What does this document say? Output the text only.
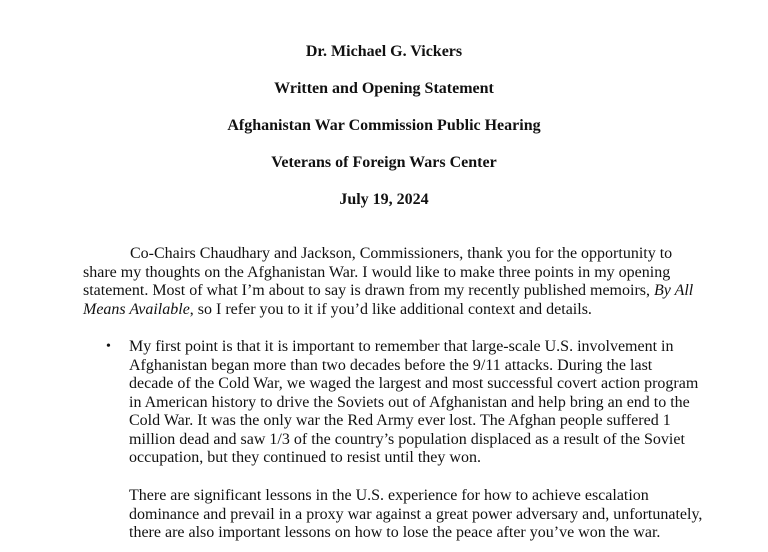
Dr. Michael G. Vickers

Written and Opening Statement

Afghanistan War Commission Public Hearing

Veterans of Foreign Wars Center

July 19, 2024

Co-Chairs Chaudhary and Jackson, Commissioners, thank you for the opportunity to
share my thoughts on the Afghanistan War. I would like to make three points in my opening
statement. Most of what I’m about to say is drawn from my recently published memoirs, By All
Means Available, so I refer you to it if you’d like additional context and details.
• My first point is that it is important to remember that large-scale U.S. involvement in
Afghanistan began more than two decades before the 9/11 attacks. During the last
decade of the Cold War, we waged the largest and most successful covert action program
in American history to drive the Soviets out of Afghanistan and help bring an end to the
Cold War. It was the only war the Red Army ever lost. The Afghan people suffered 1
million dead and saw 1/3 of the country’s population displaced as a result of the Soviet
occupation, but they continued to resist until they won.
There are significant lessons in the U.S. experience for how to achieve escalation
dominance and prevail in a proxy war against a great power adversary and, unfortunately,
there are also important lessons on how to lose the peace after you’ve won the war.
